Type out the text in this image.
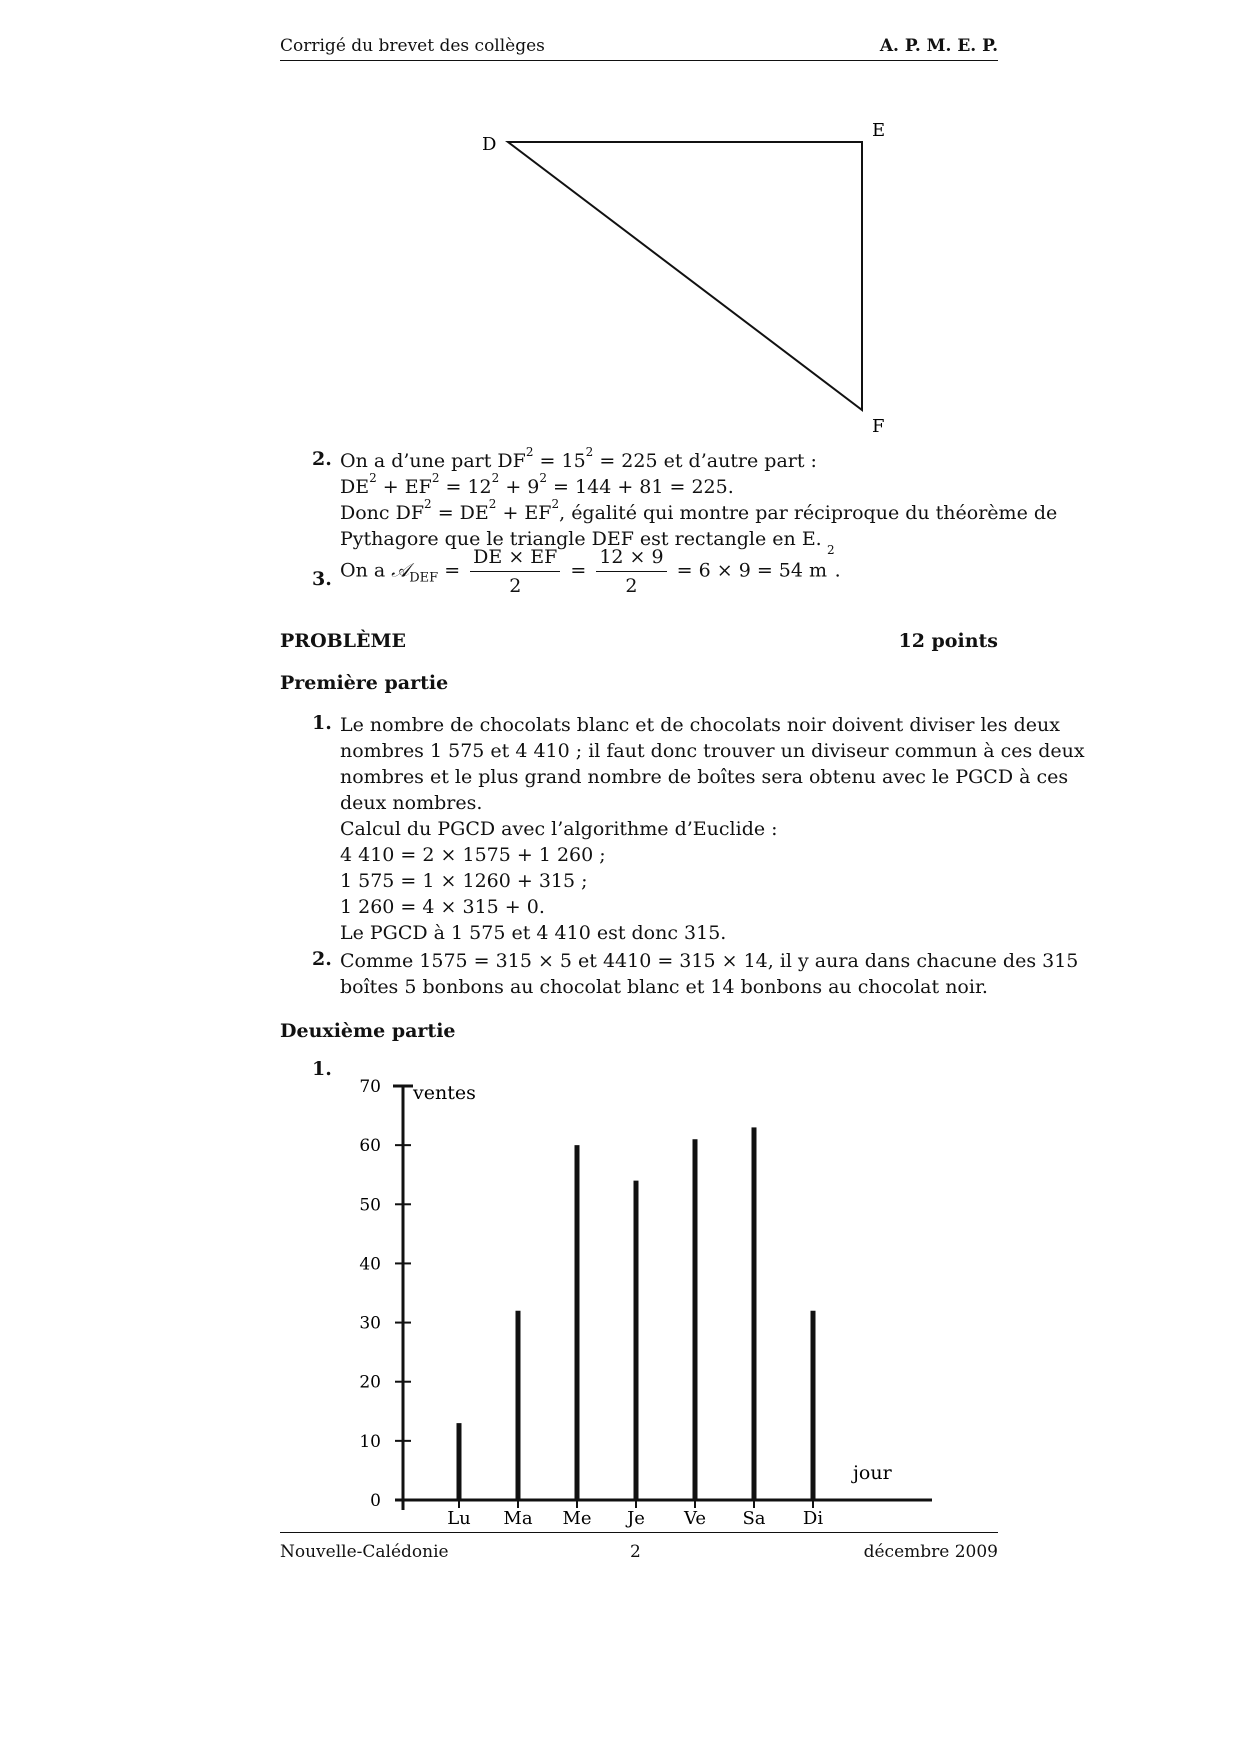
Corrigé du brevet des collèges	A. P. M. E. P.
D
E
F
2. On a d’une part $DF^2 = 15^2 = 225$ et d’autre part :
$DE^2 + EF^2 = 12^2 + 9^2 = 144 + 81 = 225$.
Donc $DF^2 = DE^2 + EF^2$, égalité qui montre par réciproque du théorème de
Pythagore que le triangle DEF est rectangle en E.
3. On a 𝒜$_{DEF}$ = $\frac{DE \times EF}{2} = \frac{12 \times 9}{2} = 6 \times 9 = 54$ $m^2$.
PROBLÈME	12 points
Première partie
1. Le nombre de chocolats blanc et de chocolats noir doivent diviser les deux
nombres 1 575 et 4 410 ; il faut donc trouver un diviseur commun à ces deux
nombres et le plus grand nombre de boîtes sera obtenu avec le PGCD à ces
deux nombres.
Calcul du PGCD avec l’algorithme d’Euclide :
4 410 = 2 × 1575 + 1 260 ;
1 575 = 1 × 1260 + 315 ;
1 260 = 4 × 315 + 0.
Le PGCD à 1 575 et 4 410 est donc 315.
2. Comme 1575 = 315 × 5 et 4410 = 315 × 14, il y aura dans chacune des 315
boîtes 5 bonbons au chocolat blanc et 14 bonbons au chocolat noir.
Deuxième partie
1.
ventes
jour
0
10
20
30
40
50
60
70
Lu Ma Me Je Ve Sa Di
Nouvelle-Calédonie	2	décembre 2009
